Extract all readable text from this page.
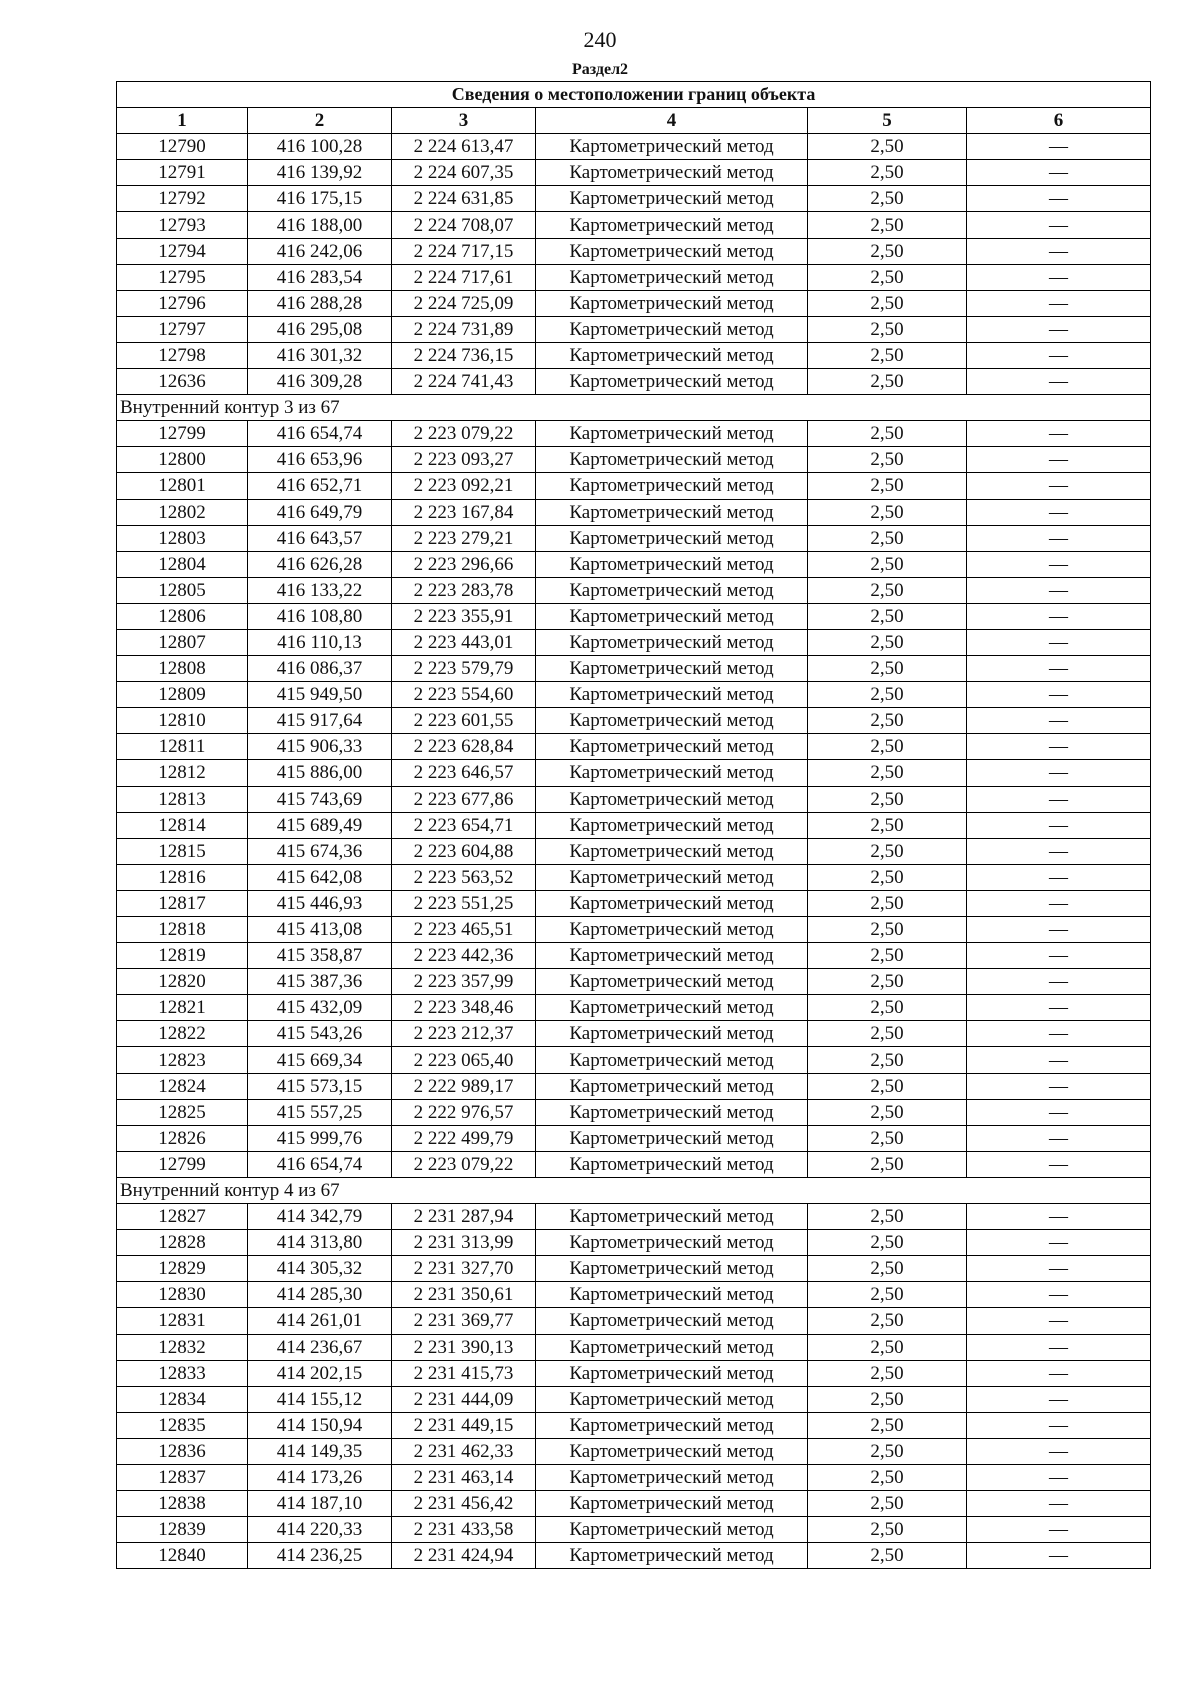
240
Раздел2
Сведения о местоположении границ объекта					
1	2	3	4	5	6
12790	416 100,28	2 224 613,47	Картометрический метод	2,50	—
12791	416 139,92	2 224 607,35	Картометрический метод	2,50	—
12792	416 175,15	2 224 631,85	Картометрический метод	2,50	—
12793	416 188,00	2 224 708,07	Картометрический метод	2,50	—
12794	416 242,06	2 224 717,15	Картометрический метод	2,50	—
12795	416 283,54	2 224 717,61	Картометрический метод	2,50	—
12796	416 288,28	2 224 725,09	Картометрический метод	2,50	—
12797	416 295,08	2 224 731,89	Картометрический метод	2,50	—
12798	416 301,32	2 224 736,15	Картометрический метод	2,50	—
12636	416 309,28	2 224 741,43	Картометрический метод	2,50	—
Внутренний контур 3 из 67					
12799	416 654,74	2 223 079,22	Картометрический метод	2,50	—
12800	416 653,96	2 223 093,27	Картометрический метод	2,50	—
12801	416 652,71	2 223 092,21	Картометрический метод	2,50	—
12802	416 649,79	2 223 167,84	Картометрический метод	2,50	—
12803	416 643,57	2 223 279,21	Картометрический метод	2,50	—
12804	416 626,28	2 223 296,66	Картометрический метод	2,50	—
12805	416 133,22	2 223 283,78	Картометрический метод	2,50	—
12806	416 108,80	2 223 355,91	Картометрический метод	2,50	—
12807	416 110,13	2 223 443,01	Картометрический метод	2,50	—
12808	416 086,37	2 223 579,79	Картометрический метод	2,50	—
12809	415 949,50	2 223 554,60	Картометрический метод	2,50	—
12810	415 917,64	2 223 601,55	Картометрический метод	2,50	—
12811	415 906,33	2 223 628,84	Картометрический метод	2,50	—
12812	415 886,00	2 223 646,57	Картометрический метод	2,50	—
12813	415 743,69	2 223 677,86	Картометрический метод	2,50	—
12814	415 689,49	2 223 654,71	Картометрический метод	2,50	—
12815	415 674,36	2 223 604,88	Картометрический метод	2,50	—
12816	415 642,08	2 223 563,52	Картометрический метод	2,50	—
12817	415 446,93	2 223 551,25	Картометрический метод	2,50	—
12818	415 413,08	2 223 465,51	Картометрический метод	2,50	—
12819	415 358,87	2 223 442,36	Картометрический метод	2,50	—
12820	415 387,36	2 223 357,99	Картометрический метод	2,50	—
12821	415 432,09	2 223 348,46	Картометрический метод	2,50	—
12822	415 543,26	2 223 212,37	Картометрический метод	2,50	—
12823	415 669,34	2 223 065,40	Картометрический метод	2,50	—
12824	415 573,15	2 222 989,17	Картометрический метод	2,50	—
12825	415 557,25	2 222 976,57	Картометрический метод	2,50	—
12826	415 999,76	2 222 499,79	Картометрический метод	2,50	—
12799	416 654,74	2 223 079,22	Картометрический метод	2,50	—
Внутренний контур 4 из 67					
12827	414 342,79	2 231 287,94	Картометрический метод	2,50	—
12828	414 313,80	2 231 313,99	Картометрический метод	2,50	—
12829	414 305,32	2 231 327,70	Картометрический метод	2,50	—
12830	414 285,30	2 231 350,61	Картометрический метод	2,50	—
12831	414 261,01	2 231 369,77	Картометрический метод	2,50	—
12832	414 236,67	2 231 390,13	Картометрический метод	2,50	—
12833	414 202,15	2 231 415,73	Картометрический метод	2,50	—
12834	414 155,12	2 231 444,09	Картометрический метод	2,50	—
12835	414 150,94	2 231 449,15	Картометрический метод	2,50	—
12836	414 149,35	2 231 462,33	Картометрический метод	2,50	—
12837	414 173,26	2 231 463,14	Картометрический метод	2,50	—
12838	414 187,10	2 231 456,42	Картометрический метод	2,50	—
12839	414 220,33	2 231 433,58	Картометрический метод	2,50	—
12840	414 236,25	2 231 424,94	Картометрический метод	2,50	—
